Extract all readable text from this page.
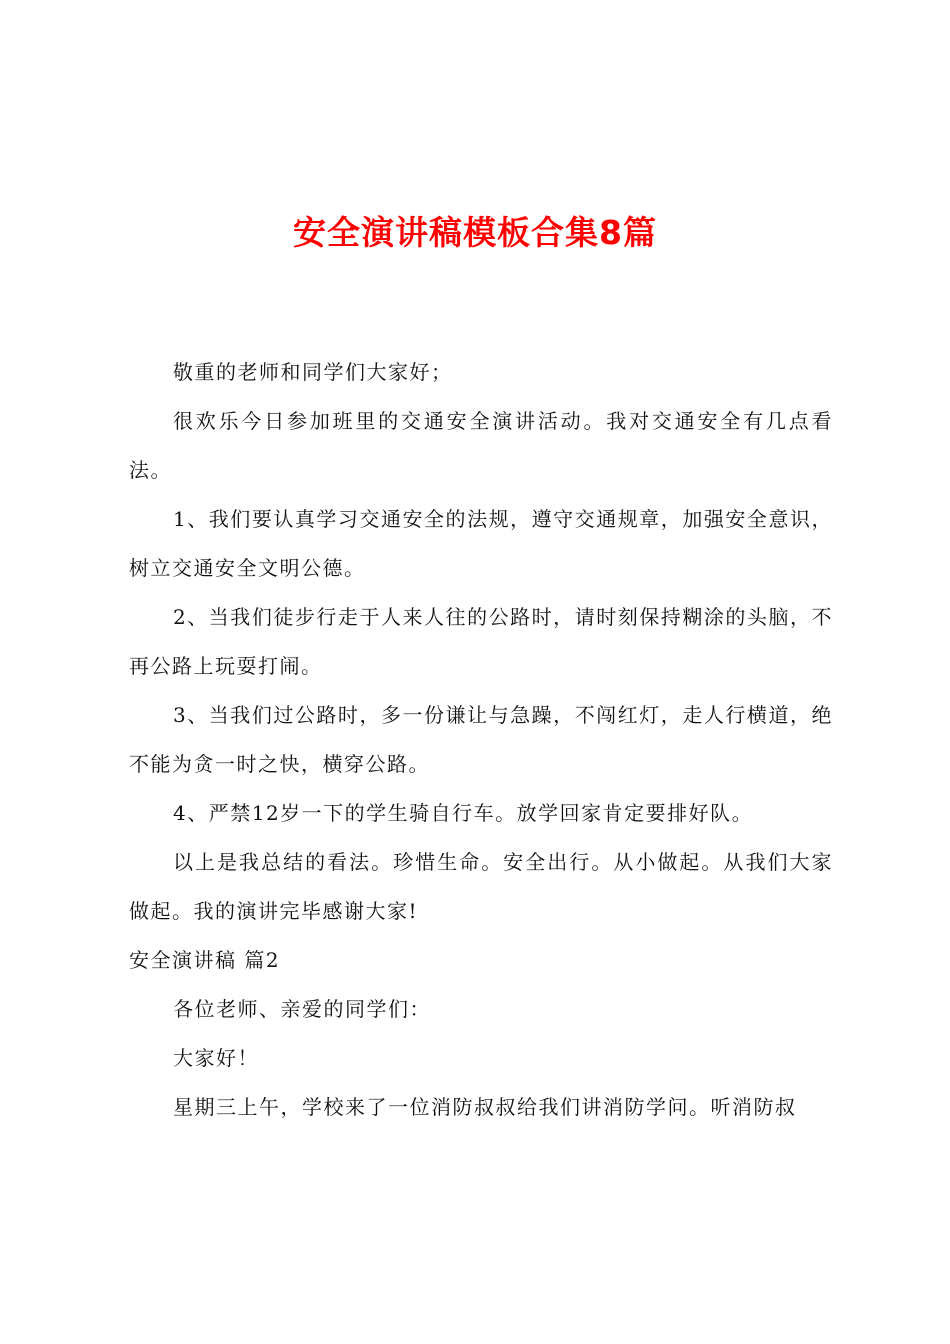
安全演讲稿模板合集8篇

敬重的老师和同学们大家好；

很欢乐今日参加班里的交通安全演讲活动。我对交通安全有几点看法。

1、我们要认真学习交通安全的法规，遵守交通规章，加强安全意识，树立交通安全文明公德。

2、当我们徒步行走于人来人往的公路时，请时刻保持糊涂的头脑，不再公路上玩耍打闹。

3、当我们过公路时，多一份谦让与急躁，不闯红灯，走人行横道，绝不能为贪一时之快，横穿公路。

4、严禁12岁一下的学生骑自行车。放学回家肯定要排好队。

以上是我总结的看法。珍惜生命。安全出行。从小做起。从我们大家做起。我的演讲完毕感谢大家!

安全演讲稿 篇2

各位老师、亲爱的同学们：

大家好！

星期三上午，学校来了一位消防叔叔给我们讲消防学问。听消防叔
